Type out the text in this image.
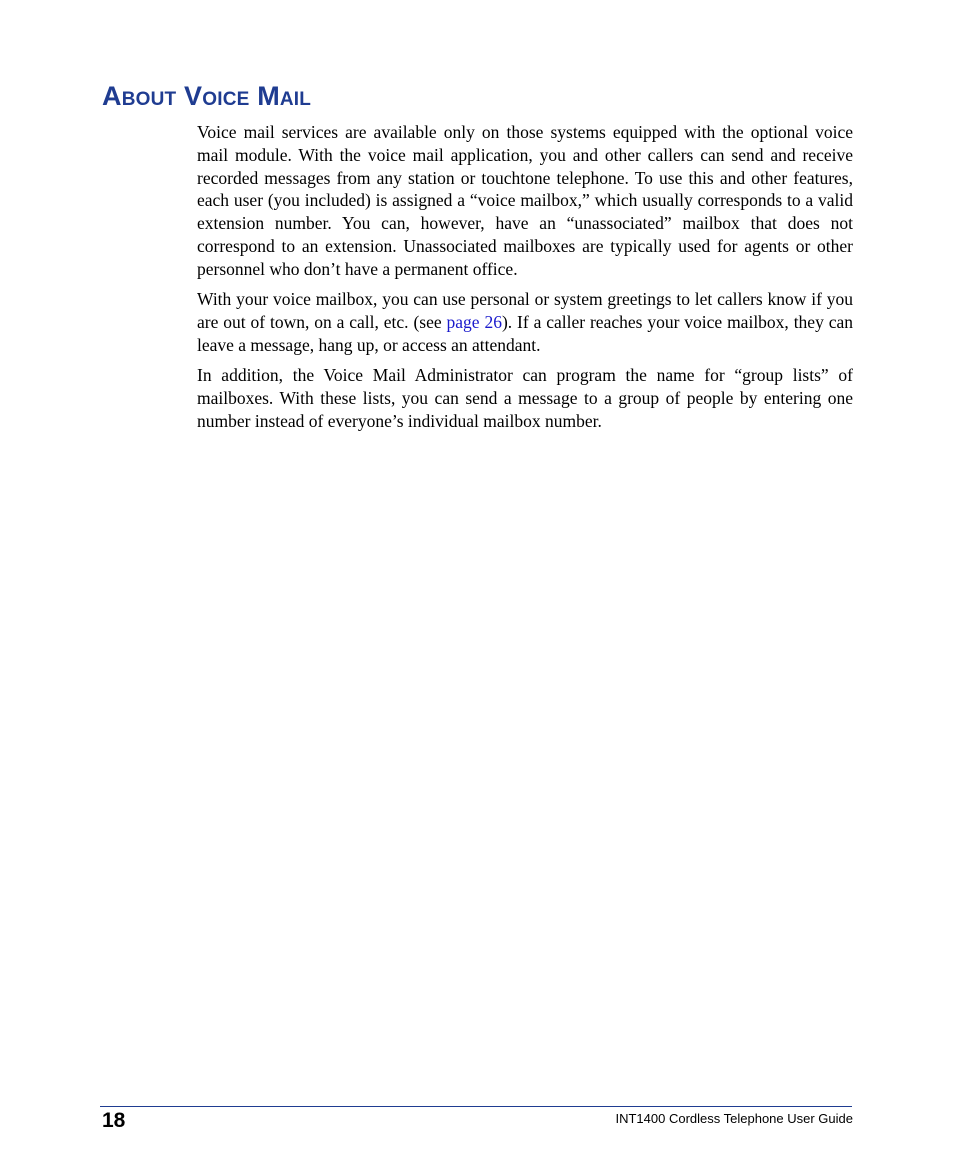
About Voice Mail

Voice mail services are available only on those systems equipped with the optional voice mail module. With the voice mail application, you and other callers can send and receive recorded messages from any station or touchtone telephone. To use this and other features, each user (you included) is assigned a “voice mailbox,” which usually corresponds to a valid extension number. You can, however, have an “unassociated” mailbox that does not correspond to an extension. Unassociated mailboxes are typically used for agents or other personnel who don’t have a permanent office.

With your voice mailbox, you can use personal or system greetings to let callers know if you are out of town, on a call, etc. (see page 26). If a caller reaches your voice mailbox, they can leave a message, hang up, or access an attendant.

In addition, the Voice Mail Administrator can program the name for “group lists” of mailboxes. With these lists, you can send a message to a group of people by entering one number instead of everyone’s individual mailbox number.

18	INT1400 Cordless Telephone User Guide
